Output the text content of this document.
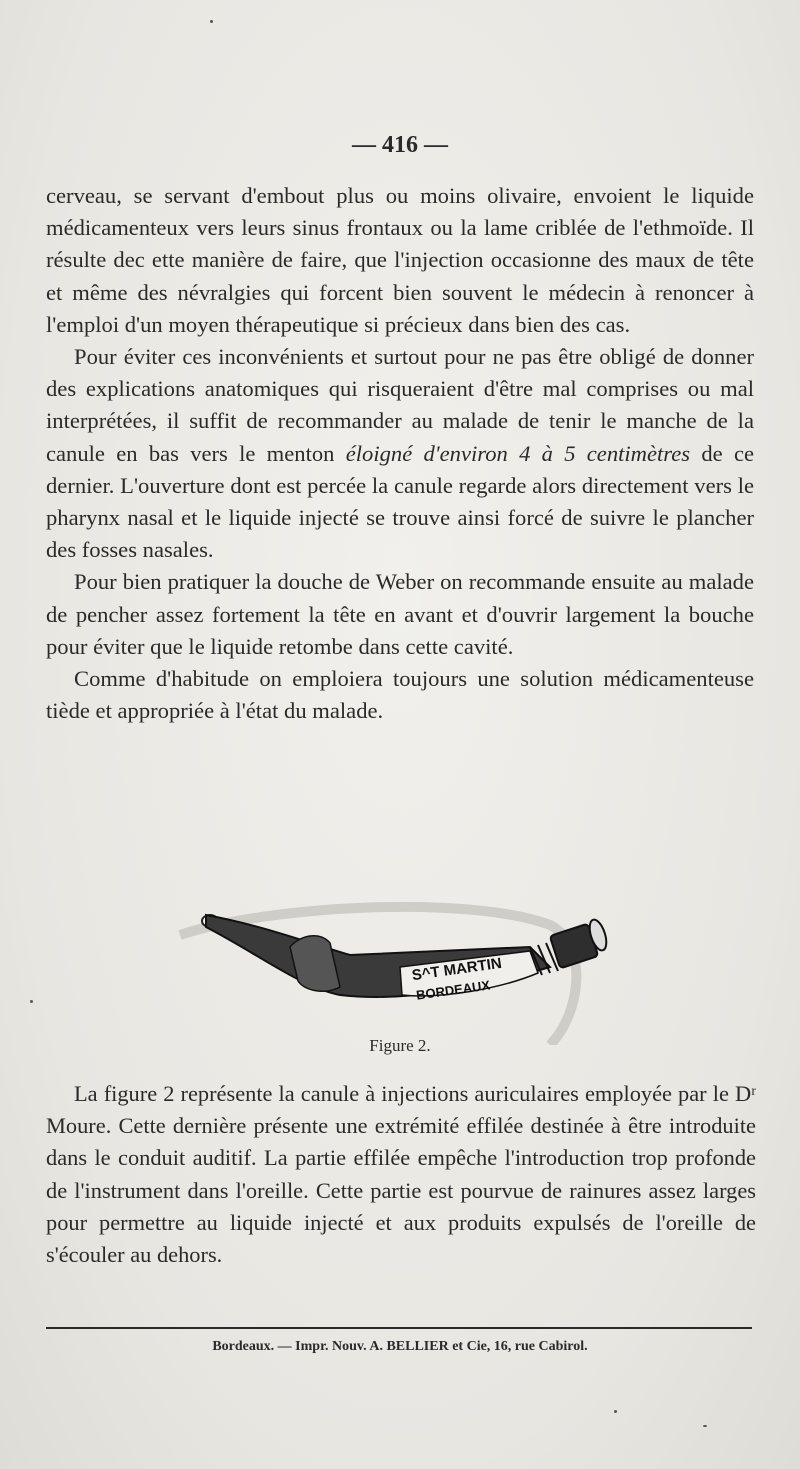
— 416 —

cerveau, se servant d'embout plus ou moins olivaire, envoient le liquide médicamenteux vers leurs sinus frontaux ou la lame criblée de l'ethmoïde. Il résulte dec ette manière de faire, que l'injection occasionne des maux de tête et même des névralgies qui forcent bien souvent le médecin à renoncer à l'emploi d'un moyen thérapeutique si précieux dans bien des cas.

Pour éviter ces inconvénients et surtout pour ne pas être obligé de donner des explications anatomiques qui risqueraient d'être mal comprises ou mal interprétées, il suffit de recommander au malade de tenir le manche de la canule en bas vers le menton éloigné d'environ 4 à 5 centimètres de ce dernier. L'ouverture dont est percée la canule regarde alors directement vers le pharynx nasal et le liquide injecté se trouve ainsi forcé de suivre le plancher des fosses nasales.

Pour bien pratiquer la douche de Weber on recommande ensuite au malade de pencher assez fortement la tête en avant et d'ouvrir largement la bouche pour éviter que le liquide retombe dans cette cavité.

Comme d'habitude on emploiera toujours une solution médicamenteuse tiède et appropriée à l'état du malade.

S^T MARTIN
BORDEAUX
Figure 2.

La figure 2 représente la canule à injections auriculaires employée par le Dʳ Moure. Cette dernière présente une extrémité effilée destinée à être introduite dans le conduit auditif. La partie effilée empêche l'introduction trop profonde de l'instrument dans l'oreille. Cette partie est pourvue de rainures assez larges pour permettre au liquide injecté et aux produits expulsés de l'oreille de s'écouler au dehors.

Bordeaux. — Impr. Nouv. A. BELLIER et Cie, 16, rue Cabirol.
